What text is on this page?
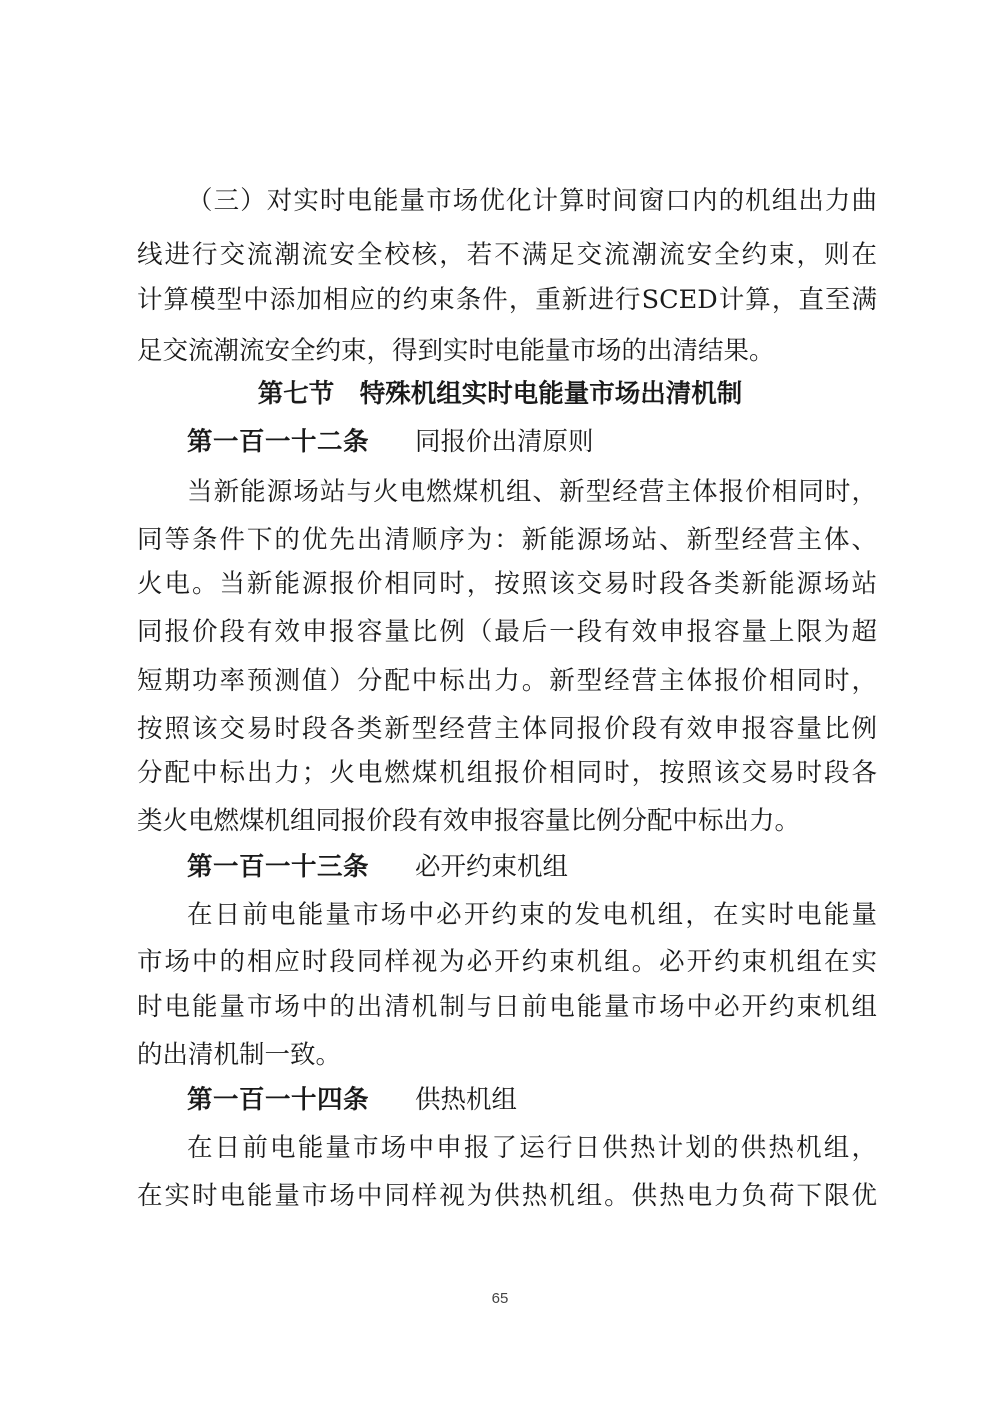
（三）对实时电能量市场优化计算时间窗口内的机组出力曲
线进行交流潮流安全校核，若不满足交流潮流安全约束，则在
计算模型中添加相应的约束条件，重新进行SCED计算，直至满
足交流潮流安全约束，得到实时电能量市场的出清结果。
第七节　特殊机组实时电能量市场出清机制
第一百一十二条 同报价出清原则
当新能源场站与火电燃煤机组、新型经营主体报价相同时，
同等条件下的优先出清顺序为：新能源场站、新型经营主体、
火电。当新能源报价相同时，按照该交易时段各类新能源场站
同报价段有效申报容量比例（最后一段有效申报容量上限为超
短期功率预测值）分配中标出力。新型经营主体报价相同时，
按照该交易时段各类新型经营主体同报价段有效申报容量比例
分配中标出力；火电燃煤机组报价相同时，按照该交易时段各
类火电燃煤机组同报价段有效申报容量比例分配中标出力。
第一百一十三条 必开约束机组
在日前电能量市场中必开约束的发电机组，在实时电能量
市场中的相应时段同样视为必开约束机组。必开约束机组在实
时电能量市场中的出清机制与日前电能量市场中必开约束机组
的出清机制一致。
第一百一十四条 供热机组
在日前电能量市场中申报了运行日供热计划的供热机组，
在实时电能量市场中同样视为供热机组。供热电力负荷下限优
65
